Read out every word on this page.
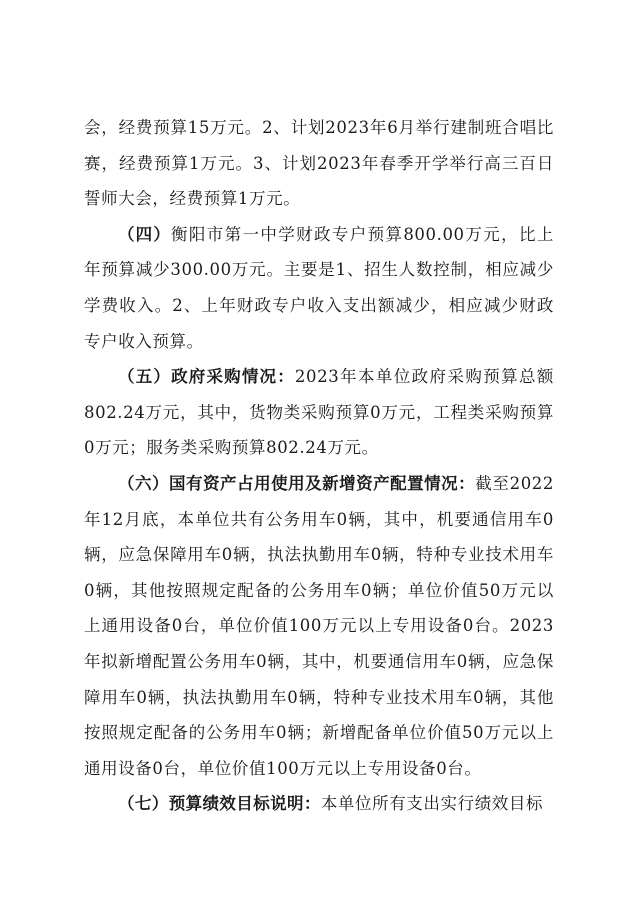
会，经费预算15万元。2、计划2023年6月举行建制班合唱比赛，经费预算1万元。3、计划2023年春季开学举行高三百日誓师大会，经费预算1万元。

（四）衡阳市第一中学财政专户预算800.00万元，比上年预算减少300.00万元。主要是1、招生人数控制，相应减少学费收入。2、上年财政专户收入支出额减少，相应减少财政专户收入预算。

（五）政府采购情况：2023年本单位政府采购预算总额802.24万元，其中，货物类采购预算0万元，工程类采购预算0万元；服务类采购预算802.24万元。

（六）国有资产占用使用及新增资产配置情况：截至2022年12月底，本单位共有公务用车0辆，其中，机要通信用车0辆，应急保障用车0辆，执法执勤用车0辆，特种专业技术用车0辆，其他按照规定配备的公务用车0辆；单位价值50万元以上通用设备0台，单位价值100万元以上专用设备0台。2023年拟新增配置公务用车0辆，其中，机要通信用车0辆，应急保障用车0辆，执法执勤用车0辆，特种专业技术用车0辆，其他按照规定配备的公务用车0辆；新增配备单位价值50万元以上通用设备0台，单位价值100万元以上专用设备0台。

（七）预算绩效目标说明：本单位所有支出实行绩效目标
